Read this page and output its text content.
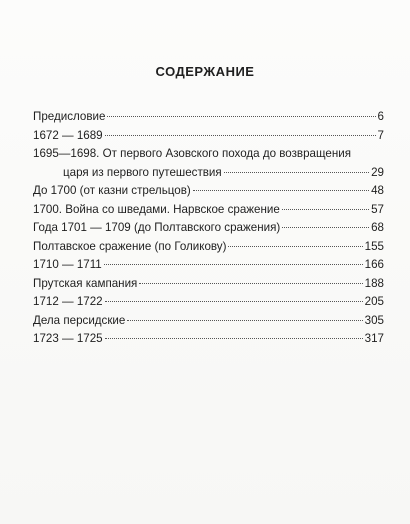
СОДЕРЖАНИЕ
Предисловие	6
1672 — 1689	7
1695—1698. От первого Азовского похода до возвращения
царя из первого путешествия	29
До 1700 (от казни стрельцов)	48
1700. Война со шведами. Нарвское сражение	57
Года 1701 — 1709 (до Полтавского сражения)	68
Полтавское сражение (по Голикову)	155
1710 — 1711	166
Прутская кампания	188
1712 — 1722	205
Дела персидские	305
1723 — 1725	317
